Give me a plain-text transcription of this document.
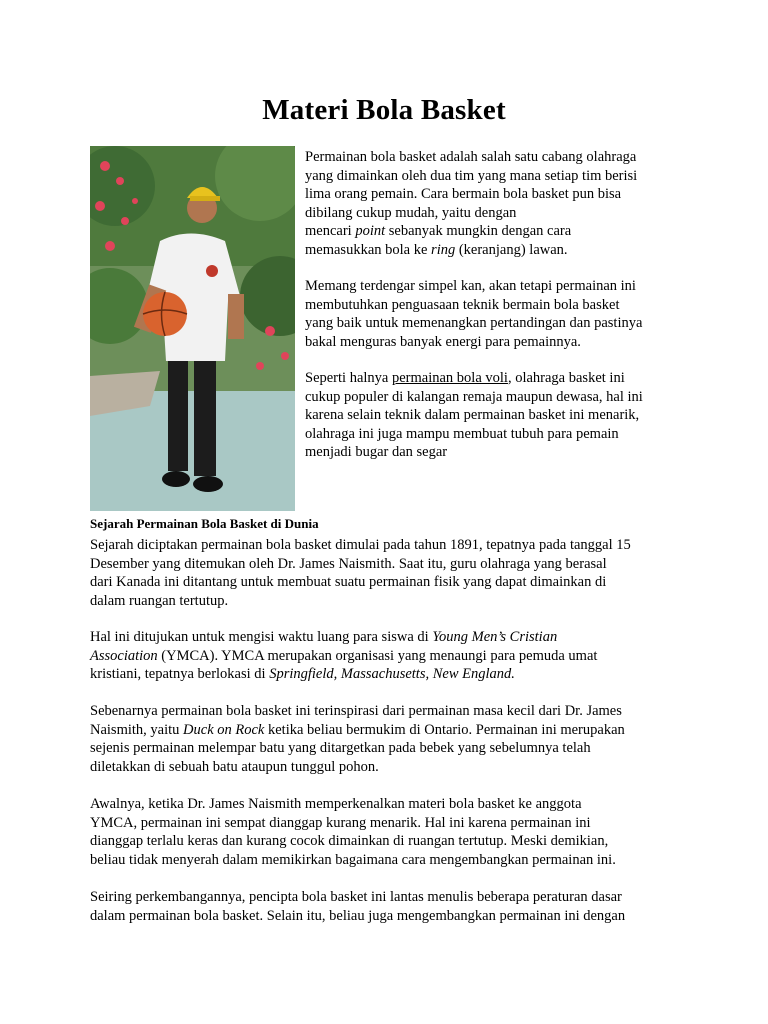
Materi Bola Basket

Permainan bola basket adalah salah satu cabang olahraga

yang dimainkan oleh dua tim yang mana setiap tim berisi

lima orang pemain. Cara bermain bola basket pun bisa

dibilang cukup mudah, yaitu dengan

mencari point sebanyak mungkin dengan cara

memasukkan bola ke ring (keranjang) lawan.

Memang terdengar simpel kan, akan tetapi permainan ini

membutuhkan penguasaan teknik bermain bola basket

yang baik untuk memenangkan pertandingan dan pastinya

bakal menguras banyak energi para pemainnya.

Seperti halnya permainan bola voli, olahraga basket ini

cukup populer di kalangan remaja maupun dewasa, hal ini

karena selain teknik dalam permainan basket ini menarik,

olahraga ini juga mampu membuat tubuh para pemain

menjadi bugar dan segar

Sejarah Permainan Bola Basket di Dunia

Sejarah diciptakan permainan bola basket dimulai pada tahun 1891, tepatnya pada tanggal 15

Desember yang ditemukan oleh Dr. James Naismith. Saat itu, guru olahraga yang berasal

dari Kanada ini ditantang untuk membuat suatu permainan fisik yang dapat dimainkan di

dalam ruangan tertutup.

Hal ini ditujukan untuk mengisi waktu luang para siswa di Young Men’s Cristian

Association (YMCA). YMCA merupakan organisasi yang menaungi para pemuda umat

kristiani, tepatnya berlokasi di Springfield, Massachusetts, New England.

Sebenarnya permainan bola basket ini terinspirasi dari permainan masa kecil dari Dr. James

Naismith, yaitu Duck on Rock ketika beliau bermukim di Ontario. Permainan ini merupakan

sejenis permainan melempar batu yang ditargetkan pada bebek yang sebelumnya telah

diletakkan di sebuah batu ataupun tunggul pohon.

Awalnya, ketika Dr. James Naismith memperkenalkan materi bola basket ke anggota

YMCA, permainan ini sempat dianggap kurang menarik. Hal ini karena permainan ini

dianggap terlalu keras dan kurang cocok dimainkan di ruangan tertutup. Meski demikian,

beliau tidak menyerah dalam memikirkan bagaimana cara mengembangkan permainan ini.

Seiring perkembangannya, pencipta bola basket ini lantas menulis beberapa peraturan dasar

dalam permainan bola basket. Selain itu, beliau juga mengembangkan permainan ini dengan
